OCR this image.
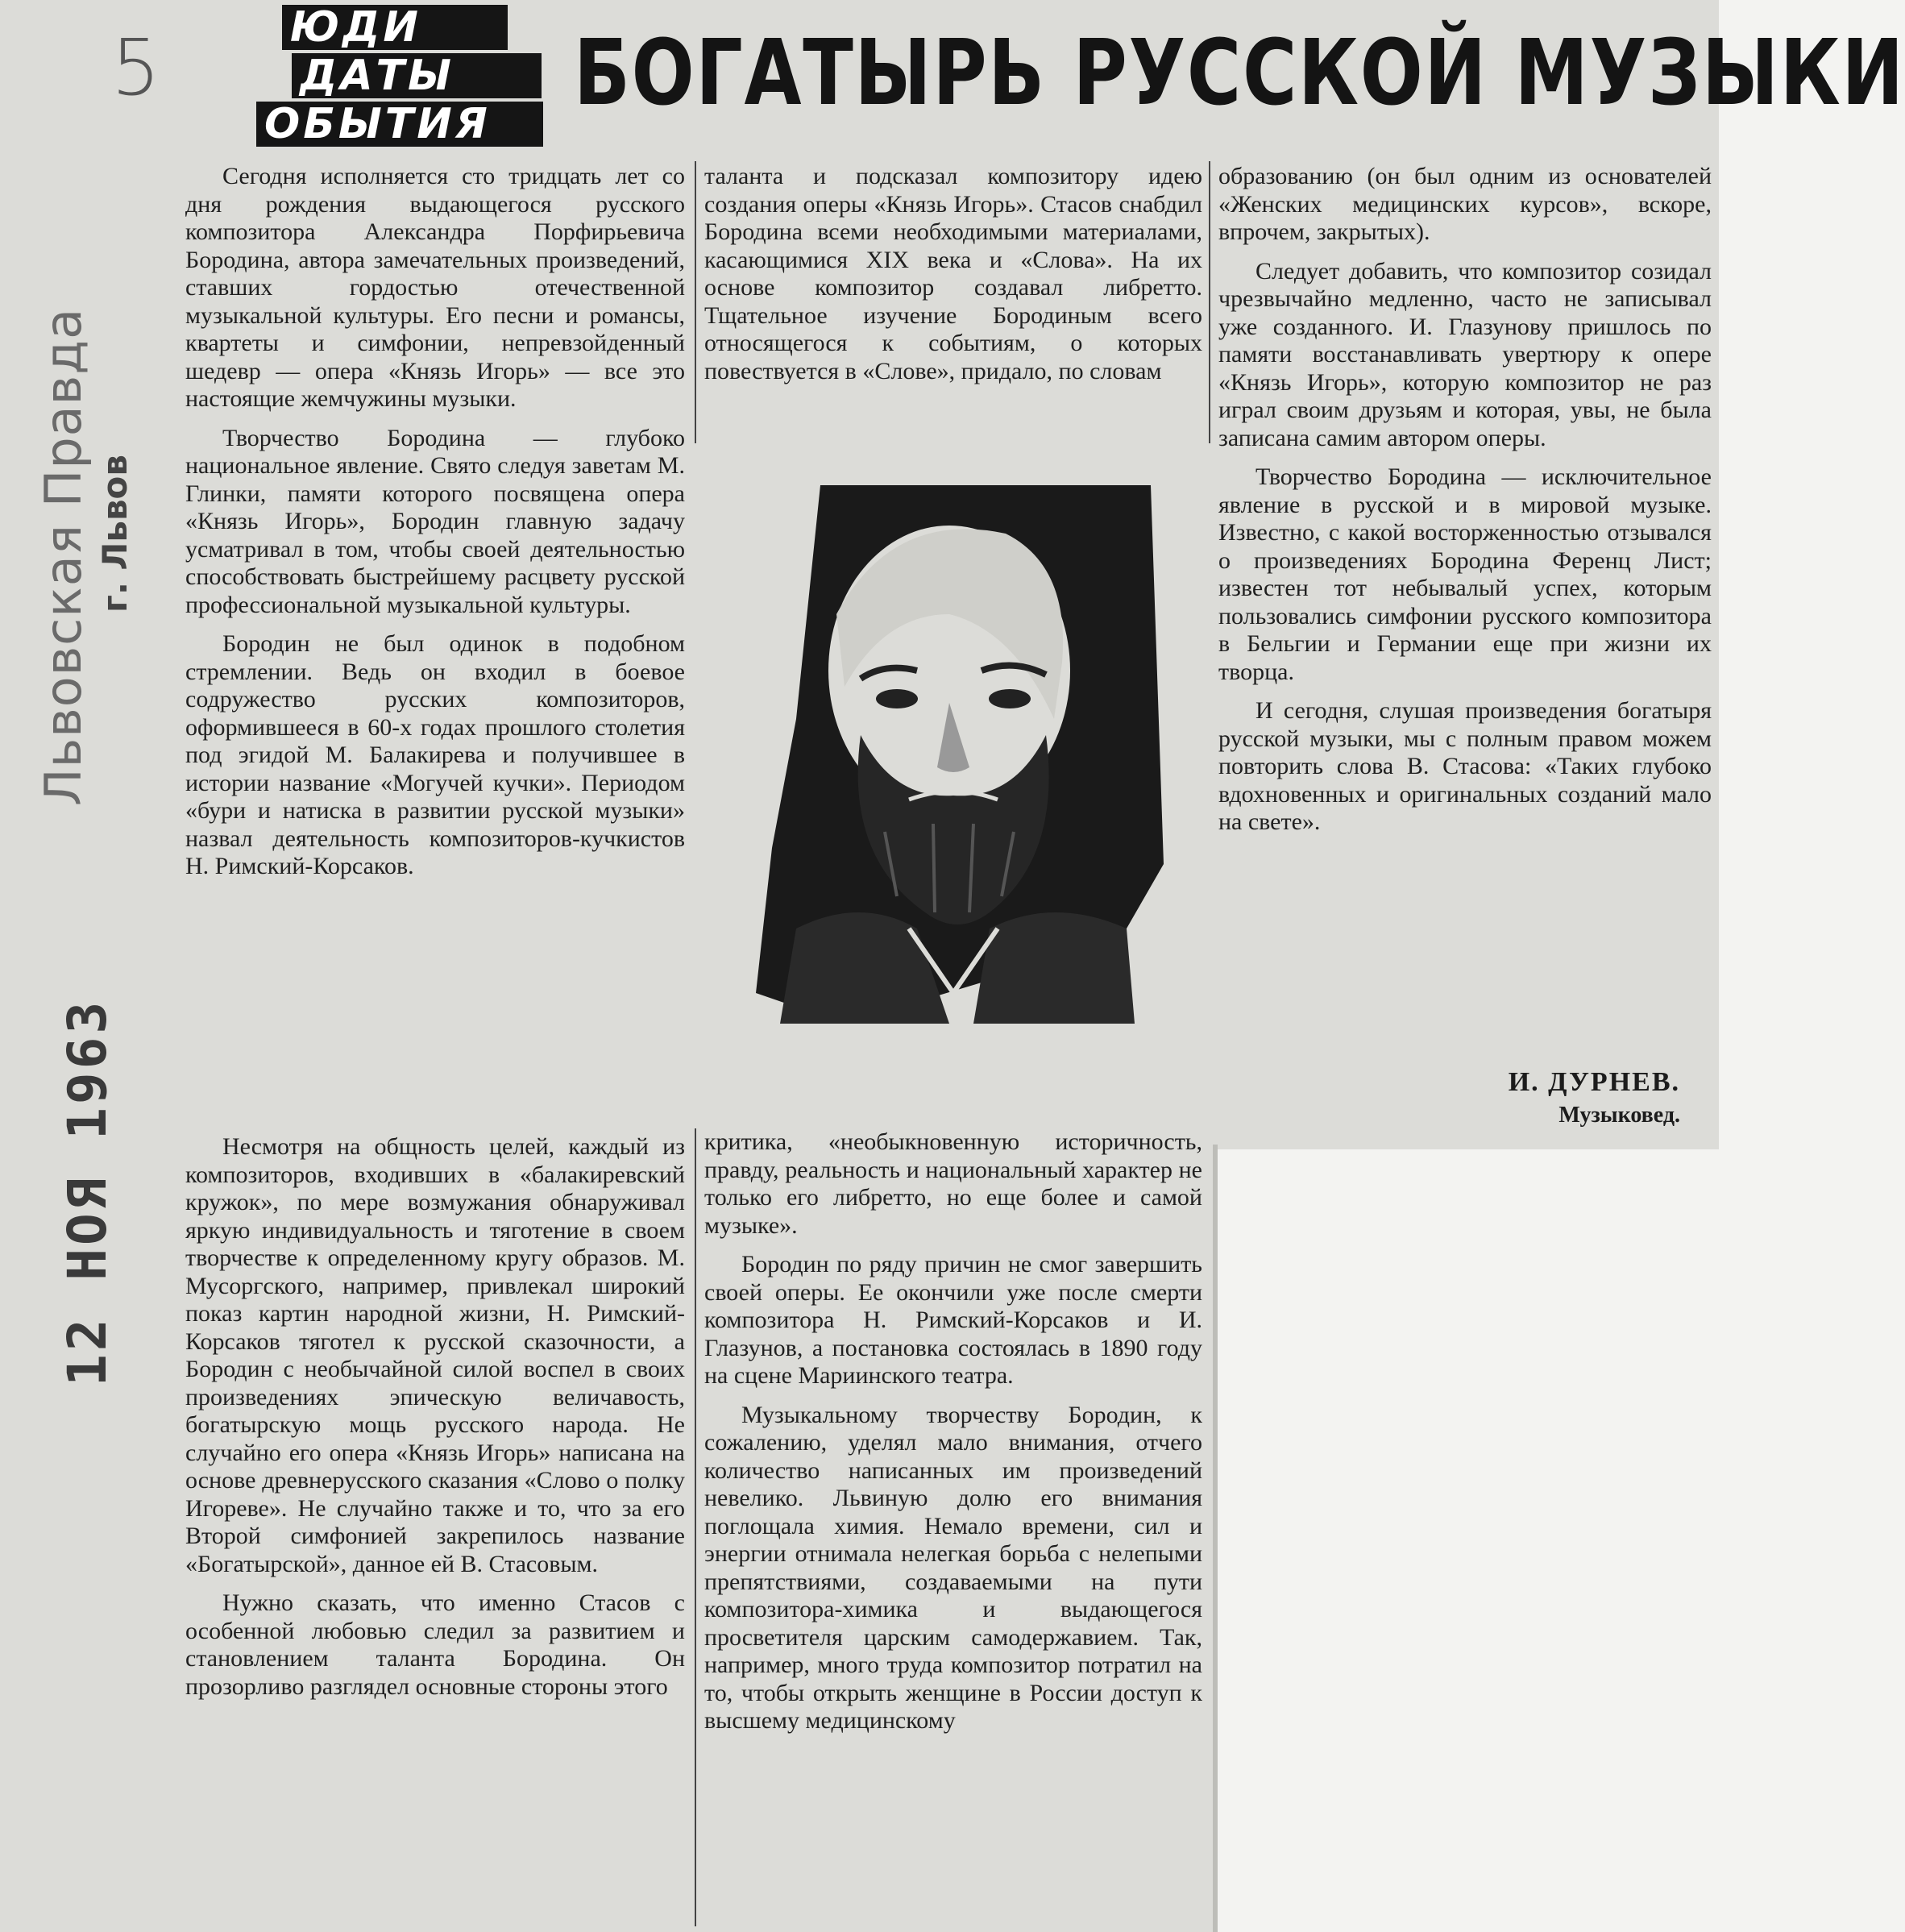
5
Львовская Правда г. Львов
12 НОЯ 1963
ЮДИ
ДАТЫ
ОБЫТИЯ БОГАТЫРЬ РУССКОЙ МУЗЫКИ

Сегодня исполняется сто тридцать лет со дня рождения выдающегося русского композитора Александра Порфирьевича Бородина, автора замечательных произведений, ставших гордостью отечественной музыкальной культуры. Его песни и романсы, квартеты и симфонии, непревзойденный шедевр — опера «Князь Игорь» — все это настоящие жемчужины музыки.

Творчество Бородина — глубоко национальное явление. Свято следуя заветам М. Глинки, памяти которого посвящена опера «Князь Игорь», Бородин главную задачу усматривал в том, чтобы своей деятельностью способствовать быстрейшему расцвету русской профессиональной музыкальной культуры.

Бородин не был одинок в подобном стремлении. Ведь он входил в боевое содружество русских композиторов, оформившееся в 60-х годах прошлого столетия под эгидой М. Балакирева и получившее в истории название «Могучей кучки». Периодом «бури и натиска в развитии русской музыки» назвал деятельность композиторов-кучкистов Н. Римский-Корсаков.

Несмотря на общность целей, каждый из композиторов, входивших в «балакиревский кружок», по мере возмужания обнаруживал яркую индивидуальность и тяготение в своем творчестве к определенному кругу образов. М. Мусоргского, например, привлекал широкий показ картин народной жизни, Н. Римский-Корсаков тяготел к русской сказочности, а Бородин с необычайной силой воспел в своих произведениях эпическую величавость, богатырскую мощь русского народа. Не случайно его опера «Князь Игорь» написана на основе древнерусского сказания «Слово о полку Игореве». Не случайно также и то, что за его Второй симфонией закрепилось название «Богатырской», данное ей В. Стасовым.

Нужно сказать, что именно Стасов с особенной любовью следил за развитием и становлением таланта Бородина. Он прозорливо разглядел основные стороны этого

таланта и подсказал композитору идею создания оперы «Князь Игорь». Стасов снабдил Бородина всеми необходимыми материалами, касающимися XIX века и «Слова». На их основе композитор создавал либретто. Тщательное изучение Бородиным всего относящегося к событиям, о которых повествуется в «Слове», придало, по словам

критика, «необыкновенную историчность, правду, реальность и национальный характер не только его либретто, но еще более и самой музыке».

Бородин по ряду причин не смог завершить своей оперы. Ее окончили уже после смерти композитора Н. Римский-Корсаков и И. Глазунов, а постановка состоялась в 1890 году на сцене Мариинского театра.

Музыкальному творчеству Бородин, к сожалению, уделял мало внимания, отчего количество написанных им произведений невелико. Львиную долю его внимания поглощала химия. Немало времени, сил и энергии отнимала нелегкая борьба с нелепыми препятствиями, создаваемыми на пути композитора-химика и выдающегося просветителя царским самодержавием. Так, например, много труда композитор потратил на то, чтобы открыть женщине в России доступ к высшему медицинскому

образованию (он был одним из основателей «Женских медицинских курсов», вскоре, впрочем, закрытых).

Следует добавить, что композитор созидал чрезвычайно медленно, часто не записывал уже созданного. И. Глазунову пришлось по памяти восстанавливать увертюру к опере «Князь Игорь», которую композитор не раз играл своим друзьям и которая, увы, не была записана самим автором оперы.

Творчество Бородина — исключительное явление в русской и в мировой музыке. Известно, с какой восторженностью отзывался о произведениях Бородина Ференц Лист; известен тот небывалый успех, которым пользовались симфонии русского композитора в Бельгии и Германии еще при жизни их творца.

И сегодня, слушая произведения богатыря русской музыки, мы с полным правом можем повторить слова В. Стасова: «Таких глубоко вдохновенных и оригинальных созданий мало на свете».

И. ДУРНЕВ.
Музыковед.
